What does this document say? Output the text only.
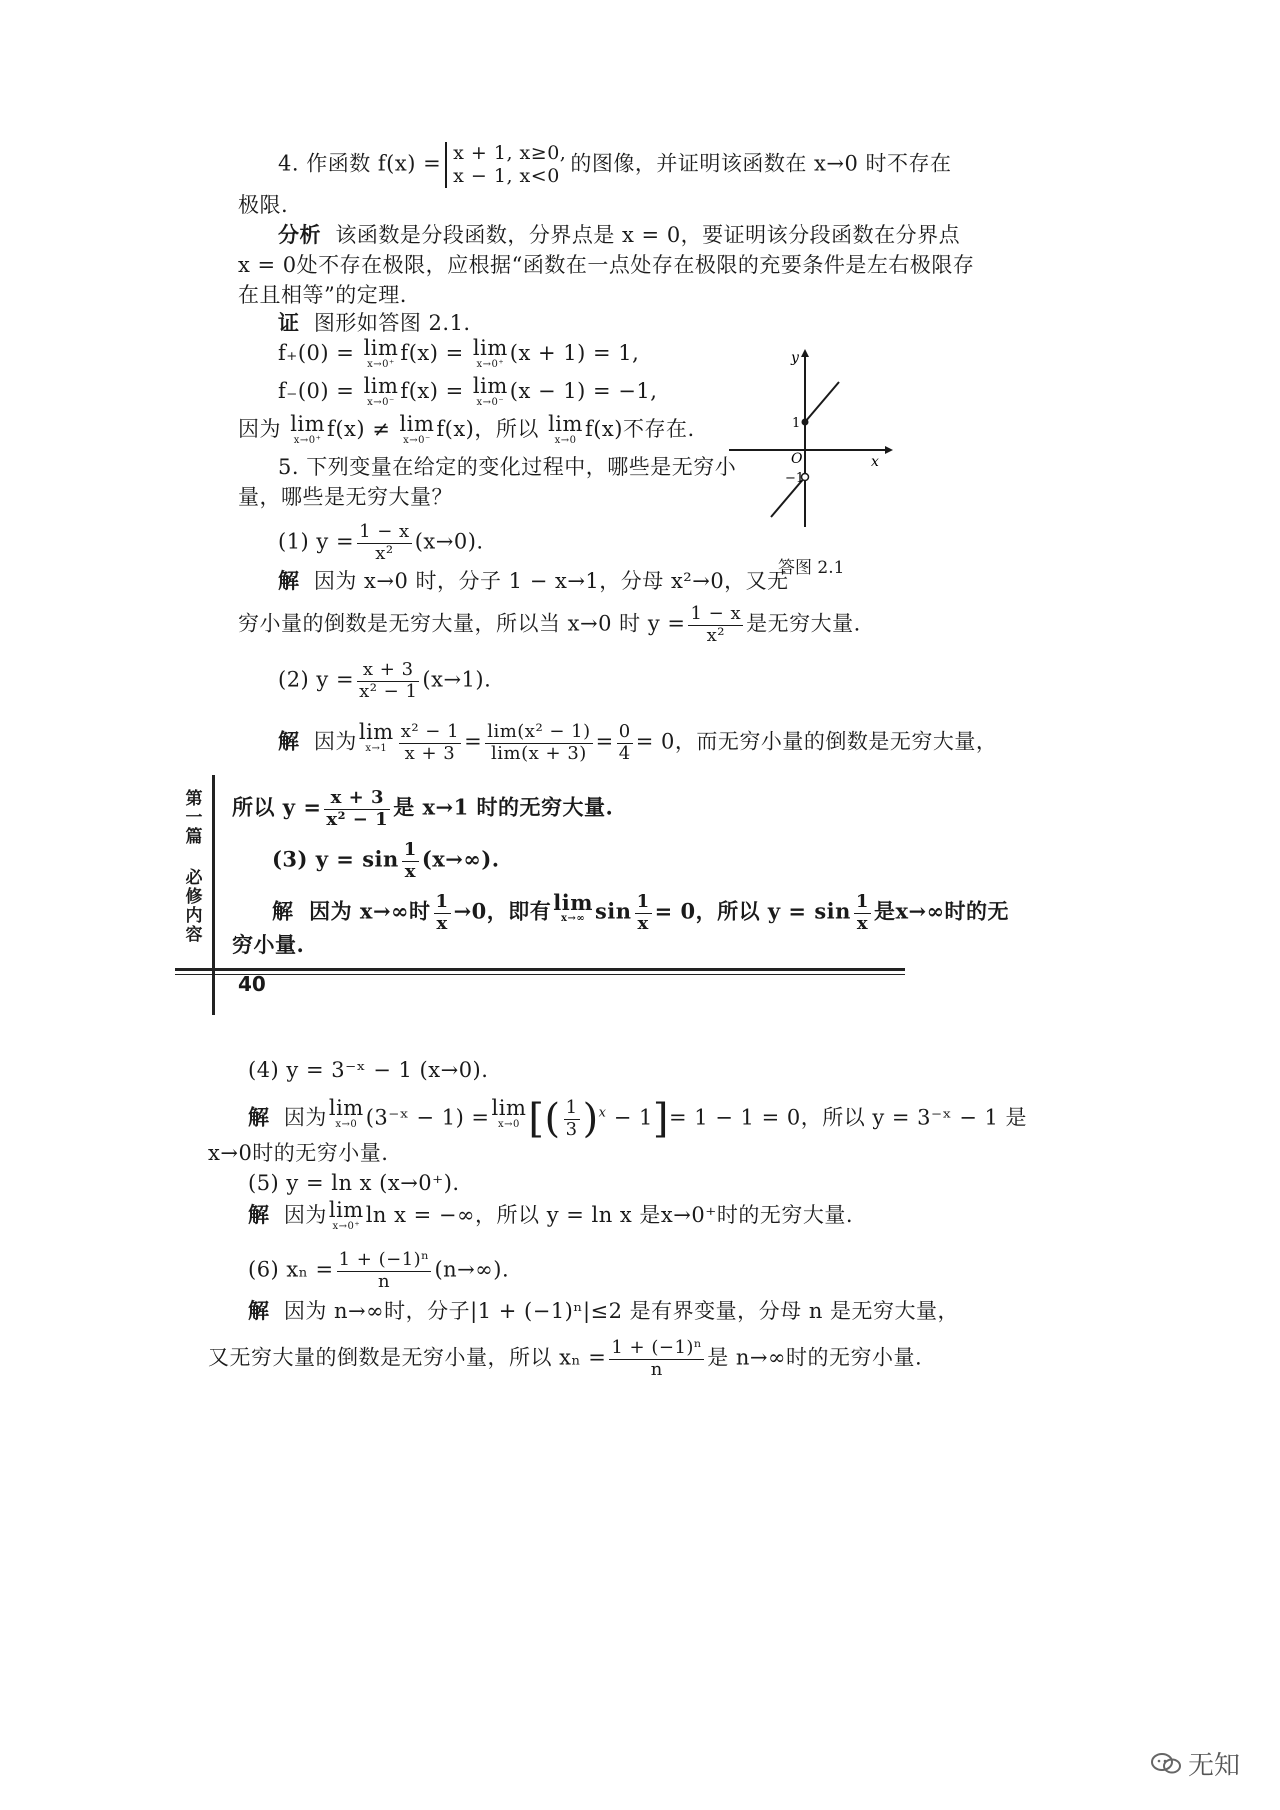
4. 作函数 f(x) = x + 1, x≥0,
x − 1, x<0
的图像，并证明该函数在 x→0 时不存在
极限.
分析 该函数是分段函数，分界点是 x = 0，要证明该分段函数在分界点
x = 0处不存在极限，应根据“函数在一点处存在极限的充要条件是左右极限存
在且相等”的定理.
证 图形如答图 2.1.
f₊(0) = lim
x→0⁺ f(x) = lim
x→0⁺ (x + 1) = 1,
f₋(0) = lim
x→0⁻ f(x) = lim
x→0⁻ (x − 1) = −1,
因为 lim
x→0⁺ f(x) ≠ lim
x→0⁻ f(x)，所以 lim
x→0 f(x)不存在.
y
x
O
1
−1
答图 2.1
5. 下列变量在给定的变化过程中，哪些是无穷小
量，哪些是无穷大量？
(1) $y = \frac{1 - x}{\text{x²}} (x\to 0)$.
解 因为 x→0 时，分子 1 − x→1，分母 x²→0，又无
穷小量的倒数是无穷大量，所以当 x→0 时 $y = \frac{1 - x}{\text{x²}}$ 是无穷大量.
(2) $y = \frac{x + 3}{\text{x² − 1}} (x\to 1)$.
解 因为 lim
$x\to 1 \frac{\text{x² − 1}}{x + 3} = \frac{\text{lim(x² − 1)}}{\lim(x + 3)} = \frac{0}{4} = 0$，而无穷小量的倒数是无穷大量，
所以 $y = \frac{x + 3}{\text{x² − 1}}$ 是 x→1 时的无穷大量.
(3) $y = \sin \frac{1}{x} (x\to\infty)$.
解 因为 x→∞时 $\frac{1}{x} \to 0$，即有 lim
x→∞ $\sin \frac{1}{x} = 0$，所以 $y = \sin \frac{1}{x}$ 是x→∞时的无
穷小量.
第
一
篇
必
修
内
容
40
(4) y = 3⁻ˣ − 1 (x→0).
解 因为 lim
x→0 (3⁻ˣ − 1) = lim
x→0 [( $\frac{1}{3} )^x - 1]= 1 - 1 = 0$，所以 y = 3⁻ˣ − 1 是
x→0时的无穷小量.
(5) y = ln x (x→0⁺).
解 因为 lim
x→0⁺ ln x = −∞，所以 y = ln x 是x→0⁺时的无穷大量.
(6) $x_n = \frac{\text{1 + (−1)ⁿ}}{n} (n\to\infty)$.
解 因为 n→∞时，分子|1 + (−1)ⁿ|≤2 是有界变量，分母 n 是无穷大量，
又无穷大量的倒数是无穷小量，所以 $x_n = \frac{\text{1 + (−1)ⁿ}}{n}$ 是 n→∞时的无穷小量.
无知
